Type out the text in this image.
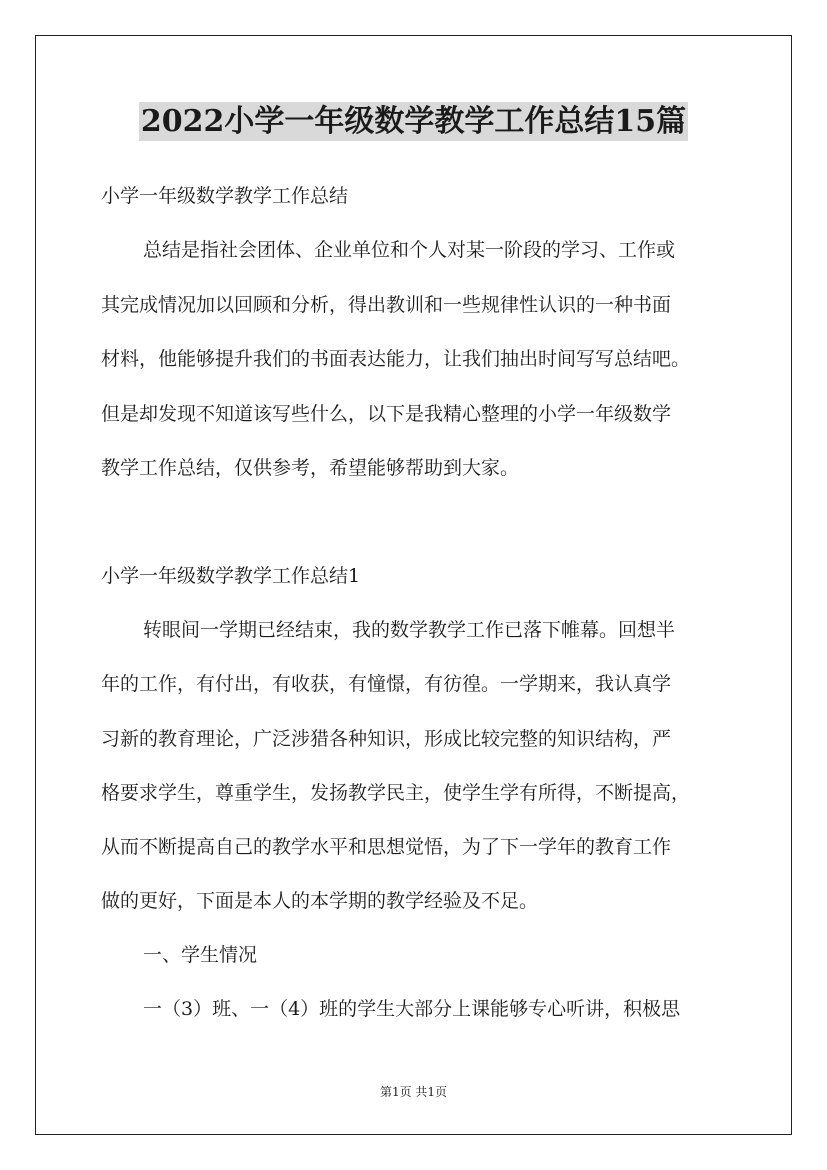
2022小学一年级数学教学工作总结15篇
小学一年级数学教学工作总结
总结是指社会团体、企业单位和个人对某一阶段的学习、工作或
其完成情况加以回顾和分析，得出教训和一些规律性认识的一种书面
材料，他能够提升我们的书面表达能力，让我们抽出时间写写总结吧。
但是却发现不知道该写些什么，以下是我精心整理的小学一年级数学
教学工作总结，仅供参考，希望能够帮助到大家。
小学一年级数学教学工作总结1
转眼间一学期已经结束，我的数学教学工作已落下帷幕。回想半
年的工作，有付出，有收获，有憧憬，有彷徨。一学期来，我认真学
习新的教育理论，广泛涉猎各种知识，形成比较完整的知识结构，严
格要求学生，尊重学生，发扬教学民主，使学生学有所得，不断提高，
从而不断提高自己的教学水平和思想觉悟，为了下一学年的教育工作
做的更好，下面是本人的本学期的教学经验及不足。
一、学生情况
一（3）班、一（4）班的学生大部分上课能够专心听讲，积极思
第1页 共1页
